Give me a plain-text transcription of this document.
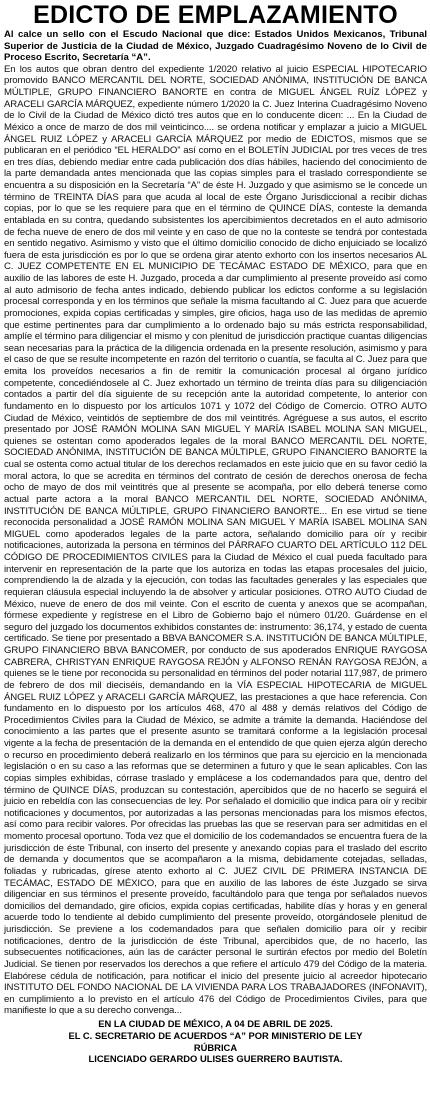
EDICTO DE EMPLAZAMIENTO

Al calce un sello con el Escudo Nacional que dice: Estados Unidos Mexicanos, Tribunal Superior de Justicia de la Ciudad de México, Juzgado Cuadragésimo Noveno de lo Civil de Proceso Escrito, Secretaría “A”.

En los autos que obran dentro del expediente 1/2020 relativo al juicio ESPECIAL HIPOTECARIO promovido BANCO MERCANTIL DEL NORTE, SOCIEDAD ANÓNIMA, INSTITUCIÓN DE BANCA MÚLTIPLE, GRUPO FINANCIERO BANORTE en contra de MIGUEL ÁNGEL RUÍZ LÓPEZ y ARACELI GARCÍA MÁRQUEZ, expediente número 1/2020 la C. Juez Interina Cuadragésimo Noveno de lo Civil de la Ciudad de México dictó tres autos que en lo conducente dicen: ... En la Ciudad de México a once de marzo de dos mil veinticinco.... se ordena notificar y emplazar a juicio a MIGUEL ÁNGEL RUIZ LÓPEZ y ARACELI GARCÍA MÁRQUEZ por medio de EDICTOS, mismos que se publicaran en el periódico “EL HERALDO” así como en el BOLETÍN JUDICIAL por tres veces de tres en tres días, debiendo mediar entre cada publicación dos días hábiles, haciendo del conocimiento de la parte demandada antes mencionada que las copias simples para el traslado correspondiente se encuentra a su disposición en la Secretaría “A” de éste H. Juzgado y que asimismo se le concede un término de TREINTA DÍAS para que acuda al local de este Órgano Jurisdiccional a recibir dichas copias, por lo que se les requiere para que en el término de QUINCE DÍAS, conteste la demanda entablada en su contra, quedando subsistentes los apercibimientos decretados en el auto admisorio de fecha nueve de enero de dos mil veinte y en caso de que no la conteste se tendrá por contestada en sentido negativo. Asimismo y visto que el último domicilio conocido de dicho enjuiciado se localizó fuera de esta jurisdicción es por lo que se ordena girar atento exhorto con los insertos necesarios AL C. JUEZ COMPETENTE EN EL MUNICIPIO DE TECÁMAC ESTADO DE MÉXICO, para que en auxilio de las labores de este H. Juzgado, proceda a dar cumplimiento al presente proveído así como al auto admisorio de fecha antes indicado, debiendo publicar los edictos conforme a su legislación procesal corresponda y en los términos que señale la misma facultando al C. Juez para que acuerde promociones, expida copias certificadas y simples, gire oficios, haga uso de las medidas de apremio que estime pertinentes para dar cumplimiento a lo ordenado bajo su más estricta responsabilidad, amplíe el término para diligenciar el mismo y con plenitud de jurisdicción practique cuantas diligencias sean necesarias para la práctica de la diligencia ordenada en la presente resolución, asimismo y para el caso de que se resulte incompetente en razón del territorio o cuantía, se faculta al C. Juez para que emita los proveídos necesarios a fin de remitir la comunicación procesal al órgano jurídico competente, concediéndosele al C. Juez exhortado un término de treinta días para su diligenciación contados a partir del día siguiente de su recepción ante la autoridad competente, lo anterior con fundamento en lo dispuesto por los artículos 1071 y 1072 del Código de Comercio. OTRO AUTO Ciudad de México, veintidós de septiembre de dos mil veintitrés. Agréguese a sus autos, el escrito presentado por JOSÉ RAMÓN MOLINA SAN MIGUEL Y MARÍA ISABEL MOLINA SAN MIGUEL, quienes se ostentan como apoderados legales de la moral BANCO MERCANTIL DEL NORTE, SOCIEDAD ANÓNIMA, INSTITUCIÓN DE BANCA MÚLTIPLE, GRUPO FINANCIERO BANORTE la cual se ostenta como actual titular de los derechos reclamados en este juicio que en su favor cedió la moral actora, lo que se acredita en términos del contrato de cesión de derechos onerosa de fecha ocho de mayo de dos mil veintitrés que al presente se acompaña, por ello deberá tenerse como actual parte actora a la moral BANCO MERCANTIL DEL NORTE, SOCIEDAD ANÓNIMA, INSTITUCIÓN DE BANCA MÚLTIPLE, GRUPO FINANCIERO BANORTE... En ese virtud se tiene reconocida personalidad a JOSÉ RAMÓN MOLINA SAN MIGUEL Y MARÍA ISABEL MOLINA SAN MIGUEL como apoderados legales de la parte actora, señalando domicilio para oír y recibir notificaciones, autorizada la persona en términos del PÁRRAFO CUARTO DEL ARTÍCULO 112 DEL CÓDIGO DE PROCEDIMIENTOS CIVILES para la Ciudad de México el cual pueda facultado para intervenir en representación de la parte que los autoriza en todas las etapas procesales del juicio, comprendiendo la de alzada y la ejecución, con todas las facultades generales y las especiales que requieran cláusula especial incluyendo la de absolver y articular posiciones. OTRO AUTO Ciudad de México, nueve de enero de dos mil veinte. Con el escrito de cuenta y anexos que se acompañan, fórmese expediente y regístrese en el Libro de Gobierno bajo el número 01/20. Guárdense en el seguro del juzgado los documentos exhibidos constantes de: instrumento: 36,174, y estado de cuenta certificado. Se tiene por presentado a BBVA BANCOMER S.A. INSTITUCIÓN DE BANCA MÚLTIPLE, GRUPO FINANCIERO BBVA BANCOMER, por conducto de sus apoderados ENRIQUE RAYGOSA CABRERA, CHRISTYAN ENRIQUE RAYGOSA REJÓN y ALFONSO RENÁN RAYGOSA REJÓN, a quienes se le tiene por reconocida su personalidad en términos del poder notarial 117,987, de primero de febrero de dos mil dieciséis, demandando en la VÍA ESPECIAL HIPOTECARIA de MIGUEL ÁNGEL RUIZ LÓPEZ y ARACELI GARCÍA MÁRQUEZ, las prestaciones a que hace referencia. Con fundamento en lo dispuesto por los artículos 468, 470 al 488 y demás relativos del Código de Procedimientos Civiles para la Ciudad de México, se admite a trámite la demanda. Haciéndose del conocimiento a las partes que el presente asunto se tramitará conforme a la legislación procesal vigente a la fecha de presentación de la demanda en el entendido de que quien ejerza algún derecho o recurso en procedimiento deberá realizarlo en los términos que para su ejercicio en la mencionada legislación o en su caso a las reformas que se determinen a futuro y que le sean aplicables. Con las copias simples exhibidas, córrase traslado y emplácese a los codemandados para que, dentro del término de QUINCE DÍAS, produzcan su contestación, apercibidos que de no hacerlo se seguirá el juicio en rebeldía con las consecuencias de ley. Por señalado el domicilio que indica para oír y recibir notificaciones y documentos, por autorizadas a las personas mencionadas para los mismos efectos, así como para recibir valores. Por ofrecidas las pruebas las que se reservan para ser admitidas en el momento procesal oportuno. Toda vez que el domicilio de los codemandados se encuentra fuera de la jurisdicción de éste Tribunal, con inserto del presente y anexando copias para el traslado del escrito de demanda y documentos que se acompañaron a la misma, debidamente cotejadas, selladas, foliadas y rubricadas, gírese atento exhorto al C. JUEZ CIVIL DE PRIMERA INSTANCIA DE TECÁMAC, ESTADO DE MÉXICO, para que en auxilio de las labores de éste Juzgado se sirva diligenciar en sus términos el presente proveído, facultándolo para que tenga por señalados nuevos domicilios del demandado, gire oficios, expida copias certificadas, habilite días y horas y en general acuerde todo lo tendiente al debido cumplimiento del presente proveído, otorgándosele plenitud de jurisdicción. Se previene a los codemandados para que señalen domicilio para oír y recibir notificaciones, dentro de la jurisdicción de éste Tribunal, apercibidos que, de no hacerlo, las subsecuentes notificaciones, aún las de carácter personal le surtirán efectos por medio del Boletín Judicial. Se tienen por reservados los derechos a que refiere el artículo 479 del Código de la materia. Elabórese cédula de notificación, para notificar el inicio del presente juicio al acreedor hipotecario INSTITUTO DEL FONDO NACIONAL DE LA VIVIENDA PARA LOS TRABAJADORES (INFONAVIT), en cumplimiento a lo previsto en el artículo 476 del Código de Procedimientos Civiles, para que manifieste lo que a su derecho convenga...

EN LA CIUDAD DE MÉXICO, A 04 DE ABRIL DE 2025.
EL C. SECRETARIO DE ACUERDOS “A” POR MINISTERIO DE LEY
RÚBRICA
LICENCIADO GERARDO ULISES GUERRERO BAUTISTA.
